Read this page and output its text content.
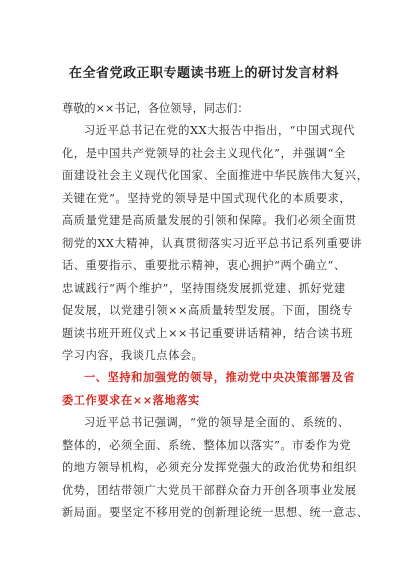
在全省党政正职专题读书班上的研讨发言材料

尊敬的××书记，各位领导，同志们：

习近平总书记在党的XX大报告中指出，“中国式现代
化，是中国共产党领导的社会主义现代化”，并强调“全
面建设社会主义现代化国家、全面推进中华民族伟大复兴，
关键在党”。坚持党的领导是中国式现代化的本质要求，
高质量党建是高质量发展的引领和保障。我们必须全面贯
彻党的XX大精神，认真贯彻落实习近平总书记系列重要讲
话、重要指示、重要批示精神，衷心拥护“两个确立”、
忠诚践行“两个维护”，坚持围绕发展抓党建、抓好党建
促发展，以党建引领××高质量转型发展。下面，围绕专
题读书班开班仪式上××书记重要讲话精神，结合读书班
学习内容，我谈几点体会。
一、坚持和加强党的领导，推动党中央决策部署及省
委工作要求在××落地落实
习近平总书记强调，“党的领导是全面的、系统的、
整体的，必须全面、系统、整体加以落实”。市委作为党
的地方领导机构，必须充分发挥党强大的政治优势和组织
优势，团结带领广大党员干部群众奋力开创各项事业发展
新局面。要坚定不移用党的创新理论统一思想、统一意志、
